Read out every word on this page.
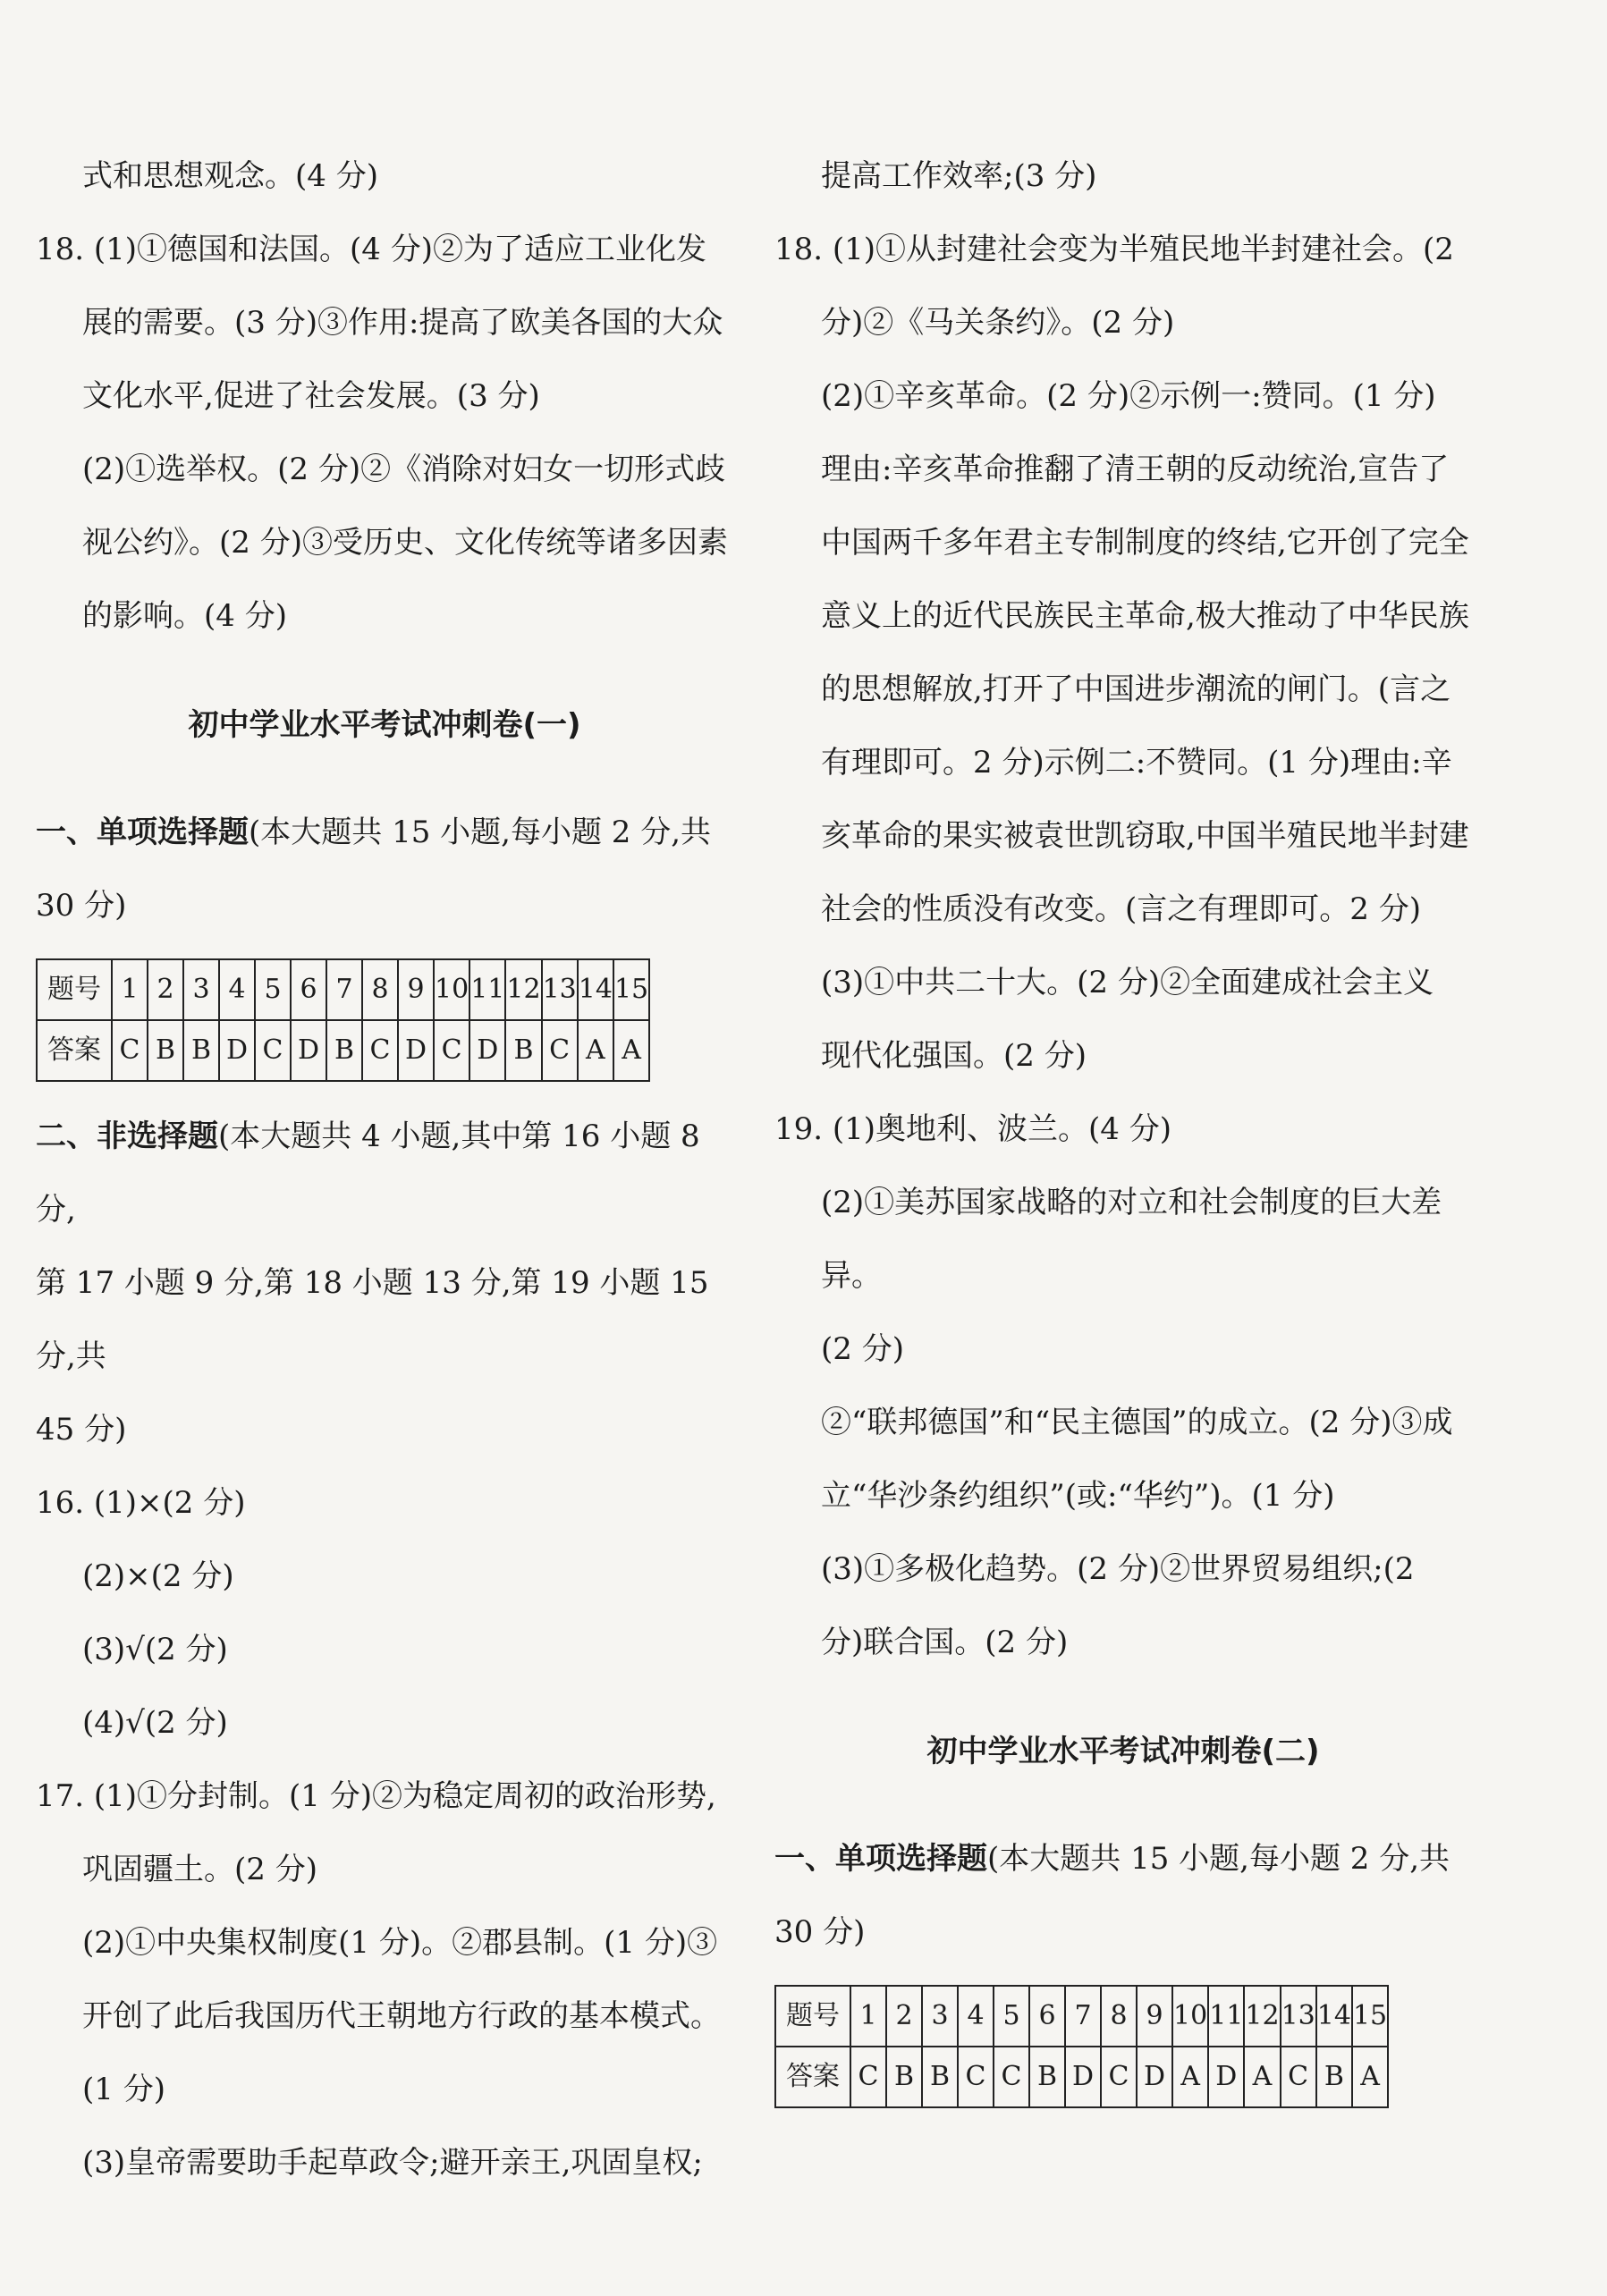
式和思想观念。(4 分)

18. (1)①德国和法国。(4 分)②为了适应工业化发

展的需要。(3 分)③作用:提高了欧美各国的大众

文化水平,促进了社会发展。(3 分)

(2)①选举权。(2 分)②《消除对妇女一切形式歧

视公约》。(2 分)③受历史、文化传统等诸多因素

的影响。(4 分)

初中学业水平考试冲刺卷(一)

一、单项选择题(本大题共 15 小题,每小题 2 分,共

30 分)

题号	1	2	3	4	5	6	7	8	9	10	11	12	13	14	15
答案	C	B	B	D	C	D	B	C	D	C	D	B	C	A	A

二、非选择题(本大题共 4 小题,其中第 16 小题 8 分,

第 17 小题 9 分,第 18 小题 13 分,第 19 小题 15 分,共

45 分)

16. (1)×(2 分)

(2)×(2 分)

(3)√(2 分)

(4)√(2 分)

17. (1)①分封制。(1 分)②为稳定周初的政治形势,

巩固疆土。(2 分)

(2)①中央集权制度(1 分)。②郡县制。(1 分)③

开创了此后我国历代王朝地方行政的基本模式。

(1 分)

(3)皇帝需要助手起草政令;避开亲王,巩固皇权;

提高工作效率;(3 分)

18. (1)①从封建社会变为半殖民地半封建社会。(2

分)②《马关条约》。(2 分)

(2)①辛亥革命。(2 分)②示例一:赞同。(1 分)

理由:辛亥革命推翻了清王朝的反动统治,宣告了

中国两千多年君主专制制度的终结,它开创了完全

意义上的近代民族民主革命,极大推动了中华民族

的思想解放,打开了中国进步潮流的闸门。(言之

有理即可。2 分)示例二:不赞同。(1 分)理由:辛

亥革命的果实被袁世凯窃取,中国半殖民地半封建

社会的性质没有改变。(言之有理即可。2 分)

(3)①中共二十大。(2 分)②全面建成社会主义

现代化强国。(2 分)

19. (1)奥地利、波兰。(4 分)

(2)①美苏国家战略的对立和社会制度的巨大差异。

(2 分)

②“联邦德国”和“民主德国”的成立。(2 分)③成

立“华沙条约组织”(或:“华约”)。(1 分)

(3)①多极化趋势。(2 分)②世界贸易组织;(2

分)联合国。(2 分)

初中学业水平考试冲刺卷(二)

一、单项选择题(本大题共 15 小题,每小题 2 分,共

30 分)

题号	1	2	3	4	5	6	7	8	9	10	11	12	13	14	15
答案	C	B	B	C	C	B	D	C	D	A	D	A	C	B	A
